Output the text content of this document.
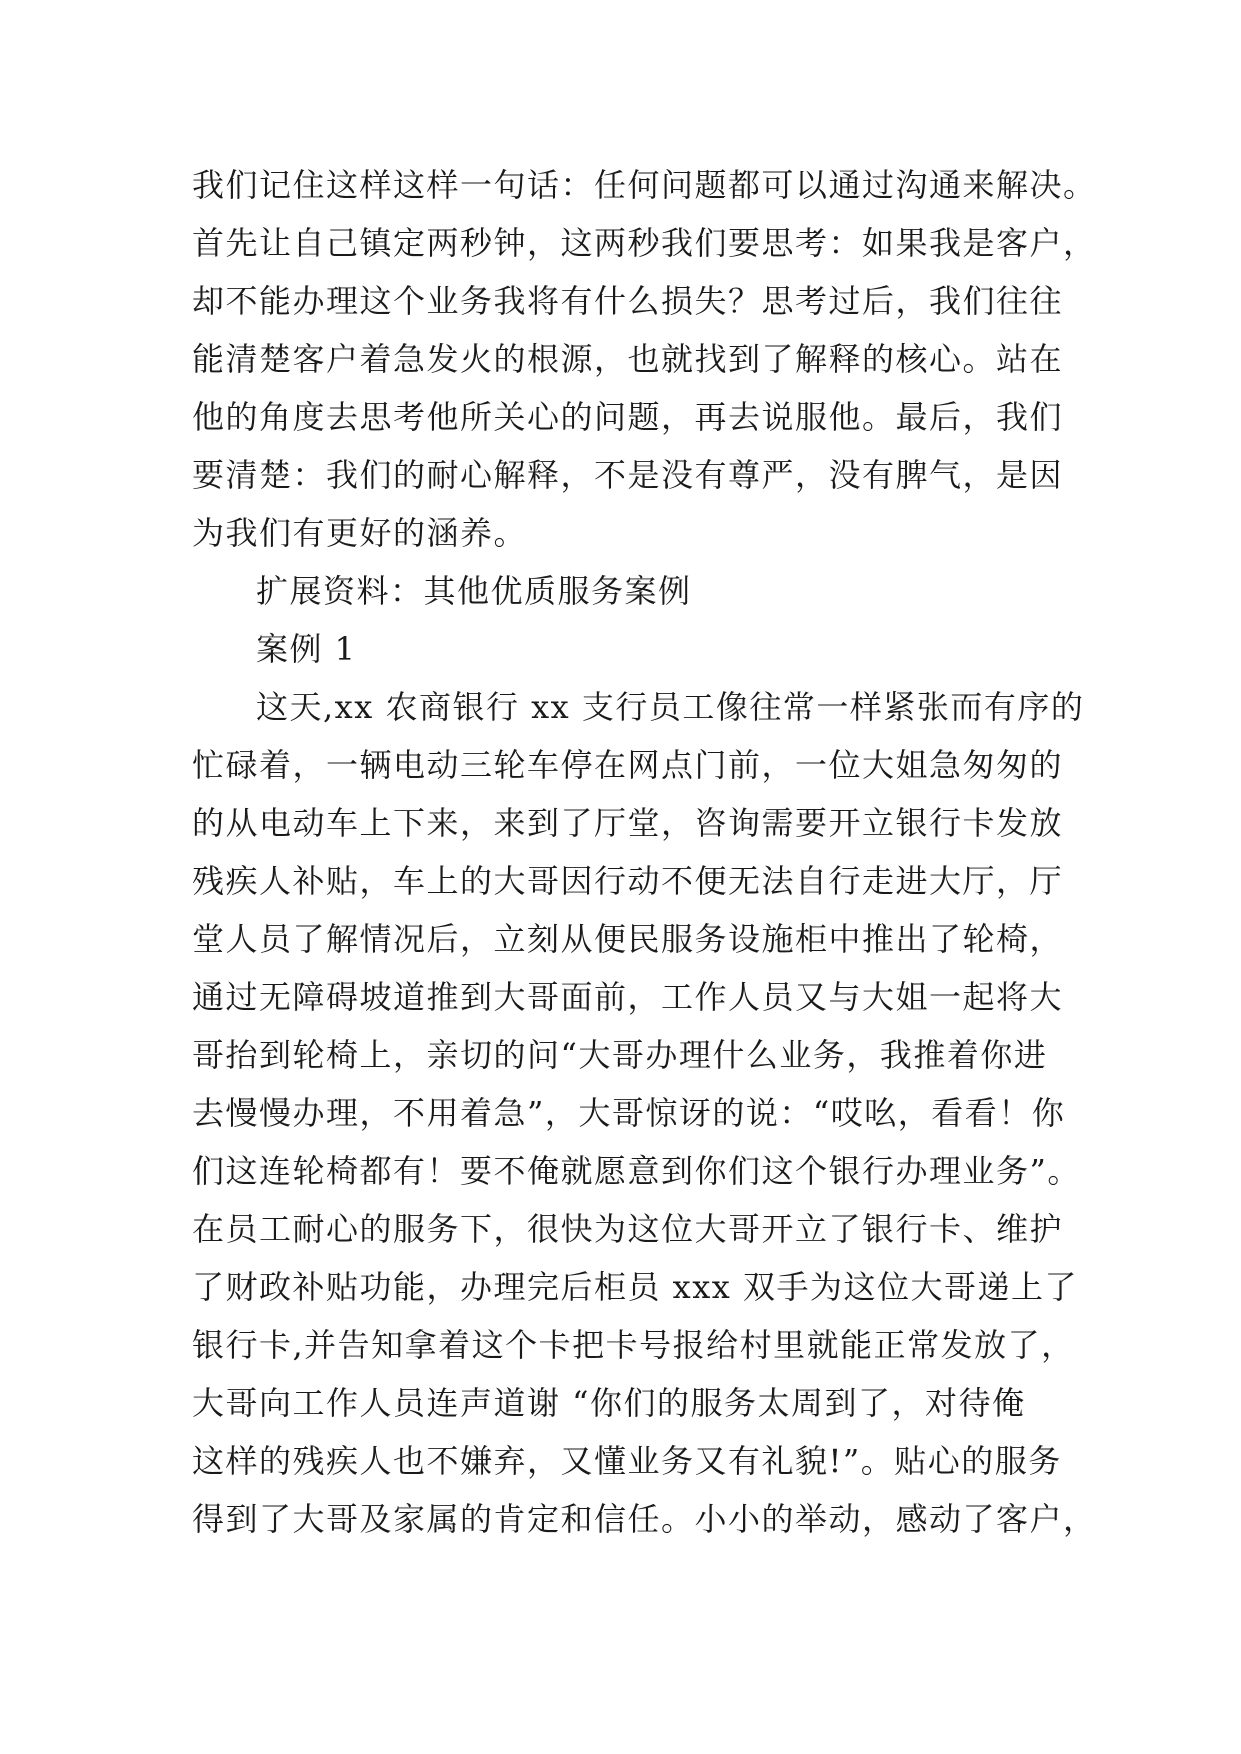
我们记住这样这样一句话：任何问题都可以通过沟通来解决。
首先让自己镇定两秒钟，这两秒我们要思考：如果我是客户，
却不能办理这个业务我将有什么损失？思考过后，我们往往
能清楚客户着急发火的根源，也就找到了解释的核心。站在
他的角度去思考他所关心的问题，再去说服他。最后，我们
要清楚：我们的耐心解释，不是没有尊严，没有脾气，是因
为我们有更好的涵养。
扩展资料：其他优质服务案例
案例 1
这天,xx 农商银行 xx 支行员工像往常一样紧张而有序的
忙碌着，一辆电动三轮车停在网点门前，一位大姐急匆匆的
的从电动车上下来，来到了厅堂，咨询需要开立银行卡发放
残疾人补贴，车上的大哥因行动不便无法自行走进大厅，厅
堂人员了解情况后，立刻从便民服务设施柜中推出了轮椅，
通过无障碍坡道推到大哥面前，工作人员又与大姐一起将大
哥抬到轮椅上，亲切的问“大哥办理什么业务，我推着你进
去慢慢办理，不用着急”，大哥惊讶的说：“哎吆，看看！你
们这连轮椅都有！要不俺就愿意到你们这个银行办理业务”。
在员工耐心的服务下，很快为这位大哥开立了银行卡、维护
了财政补贴功能，办理完后柜员 xxx 双手为这位大哥递上了
银行卡,并告知拿着这个卡把卡号报给村里就能正常发放了，
大哥向工作人员连声道谢 “你们的服务太周到了，对待俺
这样的残疾人也不嫌弃，又懂业务又有礼貌!”。贴心的服务
得到了大哥及家属的肯定和信任。小小的举动，感动了客户，
